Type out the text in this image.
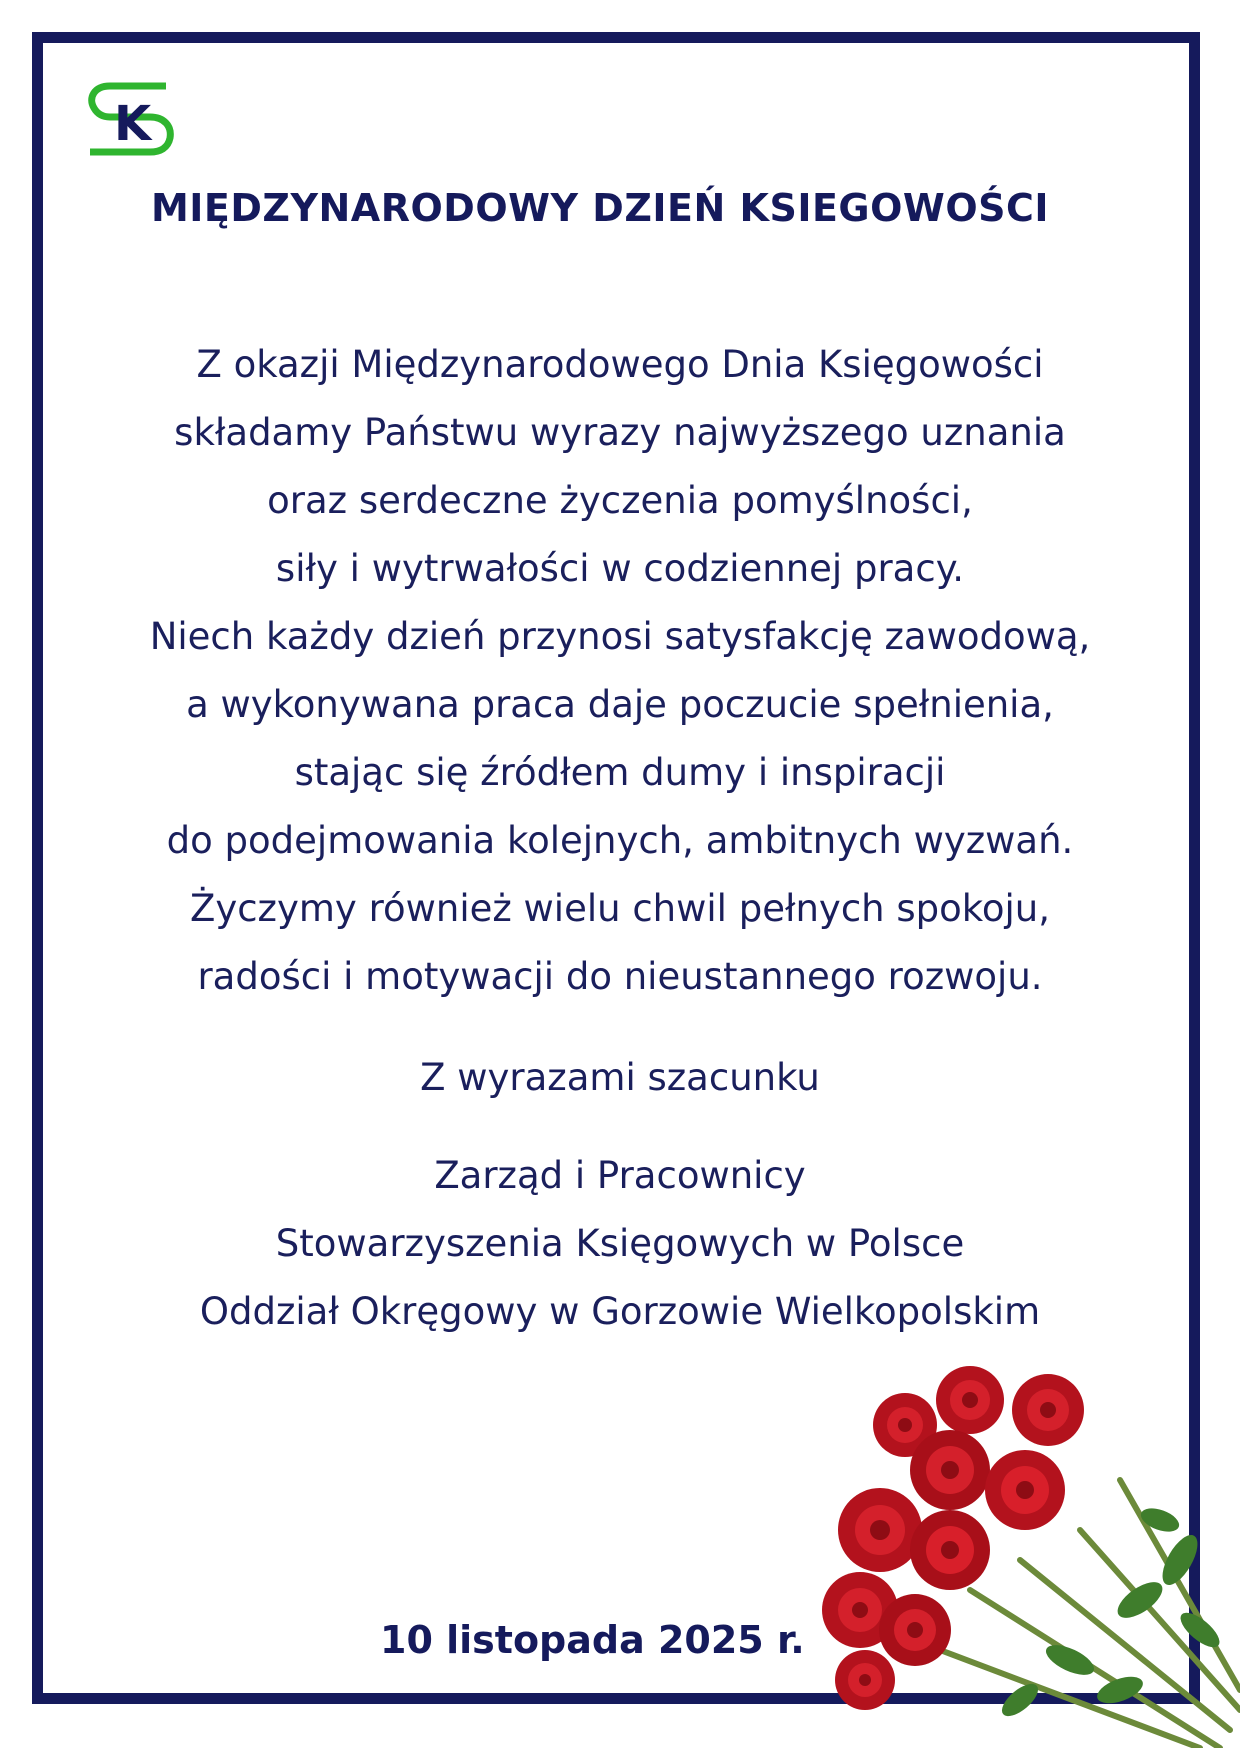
K
MIĘDZYNARODOWY DZIEŃ KSIEGOWOŚCI
Z okazji Międzynarodowego Dnia Księgowości
składamy Państwu wyrazy najwyższego uznania
oraz serdeczne życzenia pomyślności,
siły i wytrwałości w codziennej pracy.
Niech każdy dzień przynosi satysfakcję zawodową,
a wykonywana praca daje poczucie spełnienia,
stając się źródłem dumy i inspiracji
do podejmowania kolejnych, ambitnych wyzwań.
Życzymy również wielu chwil pełnych spokoju,
radości i motywacji do nieustannego rozwoju.
Z wyrazami szacunku
Zarząd i Pracownicy
Stowarzyszenia Księgowych w Polsce
Oddział Okręgowy w Gorzowie Wielkopolskim
10 listopada 2025 r.
